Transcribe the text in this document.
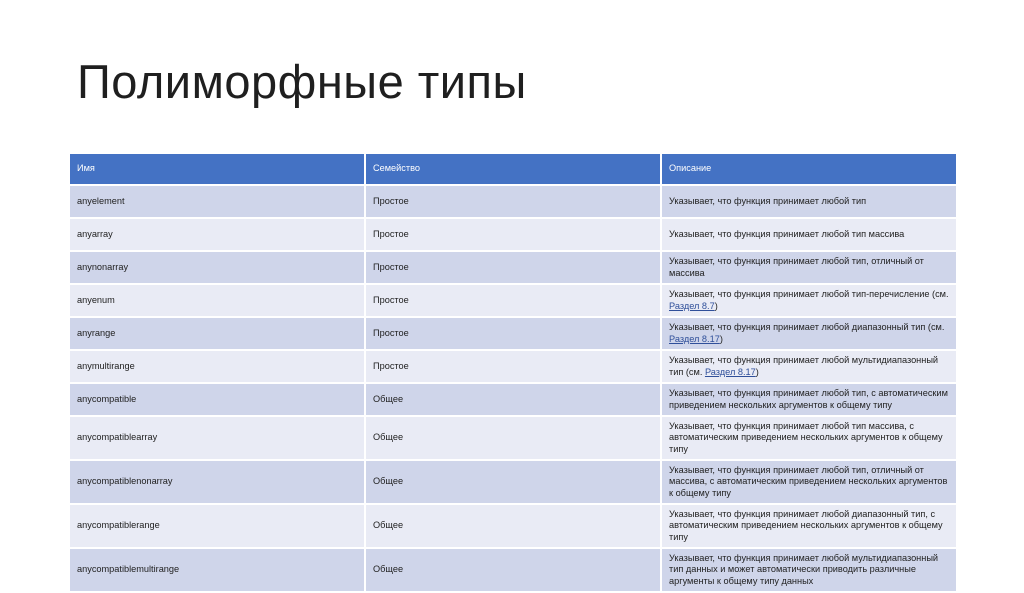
Полиморфные типы
Имя	Семейство	Описание
anyelement	Простое	Указывает, что функция принимает любой тип
anyarray	Простое	Указывает, что функция принимает любой тип массива
anynonarray	Простое	Указывает, что функция принимает любой тип, отличный от массива
anyenum	Простое	Указывает, что функция принимает любой тип-перечисление (см. Раздел 8.7)
anyrange	Простое	Указывает, что функция принимает любой диапазонный тип (см. Раздел 8.17)
anymultirange	Простое	Указывает, что функция принимает любой мультидиапазонный тип (см. Раздел 8.17)
anycompatible	Общее	Указывает, что функция принимает любой тип, с автоматическим приведением нескольких аргументов к общему типу
anycompatiblearray	Общее	Указывает, что функция принимает любой тип массива, с автоматическим приведением нескольких аргументов к общему типу
anycompatiblenonarray	Общее	Указывает, что функция принимает любой тип, отличный от массива, с автоматическим приведением нескольких аргументов к общему типу
anycompatiblerange	Общее	Указывает, что функция принимает любой диапазонный тип, с автоматическим приведением нескольких аргументов к общему типу
anycompatiblemultirange	Общее	Указывает, что функция принимает любой мультидиапазонный тип данных и может автоматически приводить различные аргументы к общему типу данных
